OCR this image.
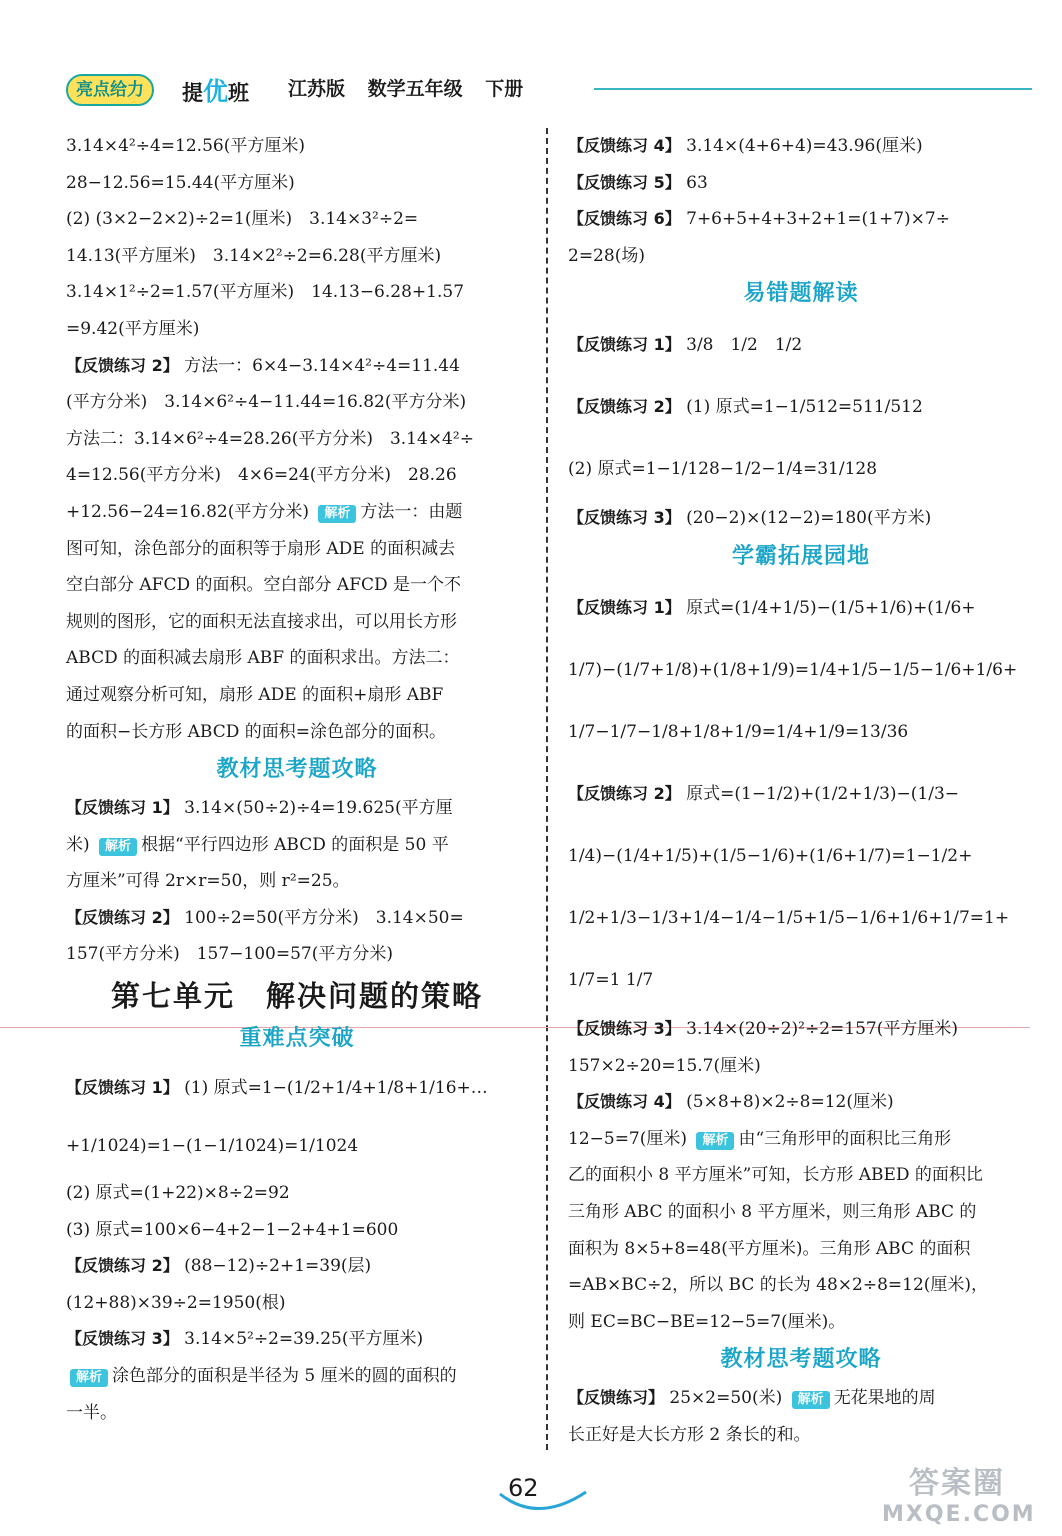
亮点给力	提优班 江苏版 数学五年级 下册
3.14×4²÷4=12.56(平方厘米)
28−12.56=15.44(平方厘米)
(2) (3×2−2×2)÷2=1(厘米)　3.14×3²÷2=
14.13(平方厘米)　3.14×2²÷2=6.28(平方厘米)
3.14×1²÷2=1.57(平方厘米)　14.13−6.28+1.57
=9.42(平方厘米)
【反馈练习 2】 方法一：6×4−3.14×4²÷4=11.44
(平方分米)　3.14×6²÷4−11.44=16.82(平方分米)
方法二：3.14×6²÷4=28.26(平方分米)　3.14×4²÷
4=12.56(平方分米)　4×6=24(平方分米)　28.26
+12.56−24=16.82(平方分米) 解析 方法一：由题
图可知，涂色部分的面积等于扇形 ADE 的面积减去
空白部分 AFCD 的面积。空白部分 AFCD 是一个不
规则的图形，它的面积无法直接求出，可以用长方形
ABCD 的面积减去扇形 ABF 的面积求出。方法二：
通过观察分析可知，扇形 ADE 的面积+扇形 ABF
的面积−长方形 ABCD 的面积=涂色部分的面积。
教材思考题攻略
【反馈练习 1】 3.14×(50÷2)÷4=19.625(平方厘
米) 解析 根据“平行四边形 ABCD 的面积是 50 平
方厘米”可得 2r×r=50，则 r²=25。
【反馈练习 2】 100÷2=50(平方分米)　3.14×50=
157(平方分米)　157−100=57(平方分米)
第七单元　解决问题的策略
重难点突破
【反馈练习 1】 (1) 原式=1−(1/2+1/4+1/8+1/16+…
+1/1024)=1−(1−1/1024)=1/1024
(2) 原式=(1+22)×8÷2=92
(3) 原式=100×6−4+2−1−2+4+1=600
【反馈练习 2】 (88−12)÷2+1=39(层)
(12+88)×39÷2=1950(根)
【反馈练习 3】 3.14×5²÷2=39.25(平方厘米)
解析 涂色部分的面积是半径为 5 厘米的圆的面积的
一半。
【反馈练习 4】 3.14×(4+6+4)=43.96(厘米)
【反馈练习 5】 63
【反馈练习 6】 7+6+5+4+3+2+1=(1+7)×7÷
2=28(场)
易错题解读
【反馈练习 1】 3/8　1/2　1/2
【反馈练习 2】 (1) 原式=1−1/512=511/512
(2) 原式=1−1/128−1/2−1/4=31/128
【反馈练习 3】 (20−2)×(12−2)=180(平方米)
学霸拓展园地
【反馈练习 1】 原式=(1/4+1/5)−(1/5+1/6)+(1/6+
1/7)−(1/7+1/8)+(1/8+1/9)=1/4+1/5−1/5−1/6+1/6+
1/7−1/7−1/8+1/8+1/9=1/4+1/9=13/36
【反馈练习 2】 原式=(1−1/2)+(1/2+1/3)−(1/3−
1/4)−(1/4+1/5)+(1/5−1/6)+(1/6+1/7)=1−1/2+
1/2+1/3−1/3+1/4−1/4−1/5+1/5−1/6+1/6+1/7=1+
1/7=1 1/7
【反馈练习 3】 3.14×(20÷2)²÷2=157(平方厘米)
157×2÷20=15.7(厘米)
【反馈练习 4】 (5×8+8)×2÷8=12(厘米)
12−5=7(厘米) 解析 由“三角形甲的面积比三角形
乙的面积小 8 平方厘米”可知，长方形 ABED 的面积比
三角形 ABC 的面积小 8 平方厘米，则三角形 ABC 的
面积为 8×5+8=48(平方厘米)。三角形 ABC 的面积
=AB×BC÷2，所以 BC 的长为 48×2÷8=12(厘米)，
则 EC=BC−BE=12−5=7(厘米)。
教材思考题攻略
【反馈练习】 25×2=50(米) 解析 无花果地的周
长正好是大长方形 2 条长的和。
62	答案圈
MXQE.COM
